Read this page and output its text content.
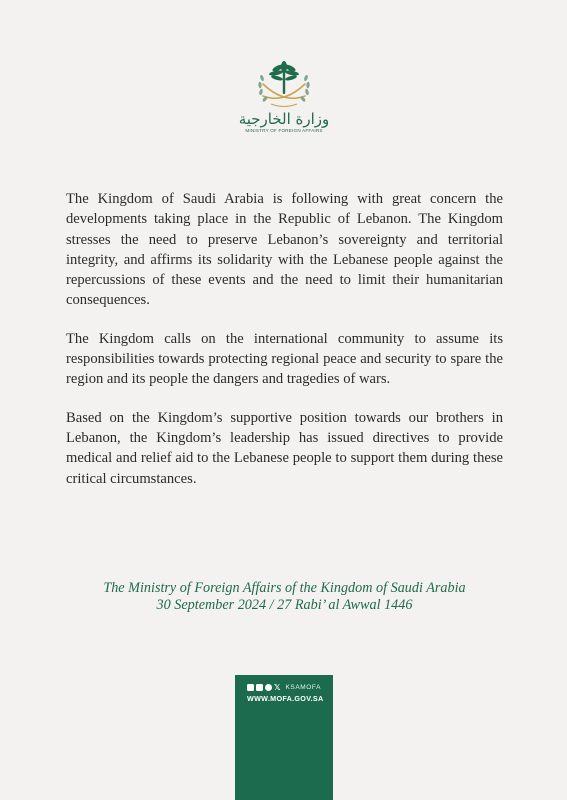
وزارة الخارجية
MINISTRY OF FOREIGN AFFAIRS

The Kingdom of Saudi Arabia is following with great concern the developments taking place in the Republic of Lebanon. The Kingdom stresses the need to preserve Lebanon’s sovereignty and territorial integrity, and affirms its solidarity with the Lebanese people against the repercussions of these events and the need to limit their humanitarian consequences.

The Kingdom calls on the international community to assume its responsibilities towards protecting regional peace and security to spare the region and its people the dangers and tragedies of wars.

Based on the Kingdom’s supportive position towards our brothers in Lebanon, the Kingdom’s leadership has issued directives to provide medical and relief aid to the Lebanese people to support them during these critical circumstances.

The Ministry of Foreign Affairs of the Kingdom of Saudi Arabia
30 September 2024 / 27 Rabi’ al Awwal 1446
𝕏 KSAMOFA
WWW.MOFA.GOV.SA
